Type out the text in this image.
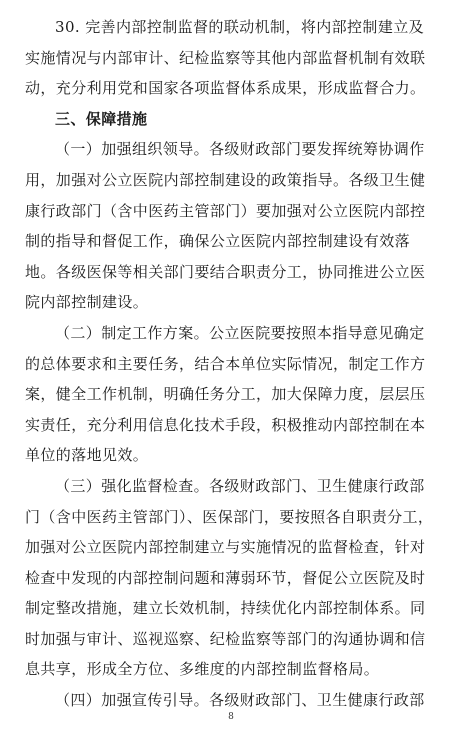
30. 完善内部控制监督的联动机制，将内部控制建立及
实施情况与内部审计、纪检监察等其他内部监督机制有效联
动，充分利用党和国家各项监督体系成果，形成监督合力。
三、保障措施
（一）加强组织领导。各级财政部门要发挥统筹协调作
用，加强对公立医院内部控制建设的政策指导。各级卫生健
康行政部门（含中医药主管部门）要加强对公立医院内部控
制的指导和督促工作，确保公立医院内部控制建设有效落
地。各级医保等相关部门要结合职责分工，协同推进公立医
院内部控制建设。
（二）制定工作方案。公立医院要按照本指导意见确定
的总体要求和主要任务，结合本单位实际情况，制定工作方
案，健全工作机制，明确任务分工，加大保障力度，层层压
实责任，充分利用信息化技术手段，积极推动内部控制在本
单位的落地见效。
（三）强化监督检查。各级财政部门、卫生健康行政部
门（含中医药主管部门）、医保部门，要按照各自职责分工，
加强对公立医院内部控制建立与实施情况的监督检查，针对
检查中发现的内部控制问题和薄弱环节，督促公立医院及时
制定整改措施，建立长效机制，持续优化内部控制体系。同
时加强与审计、巡视巡察、纪检监察等部门的沟通协调和信
息共享，形成全方位、多维度的内部控制监督格局。
（四）加强宣传引导。各级财政部门、卫生健康行政部
8
